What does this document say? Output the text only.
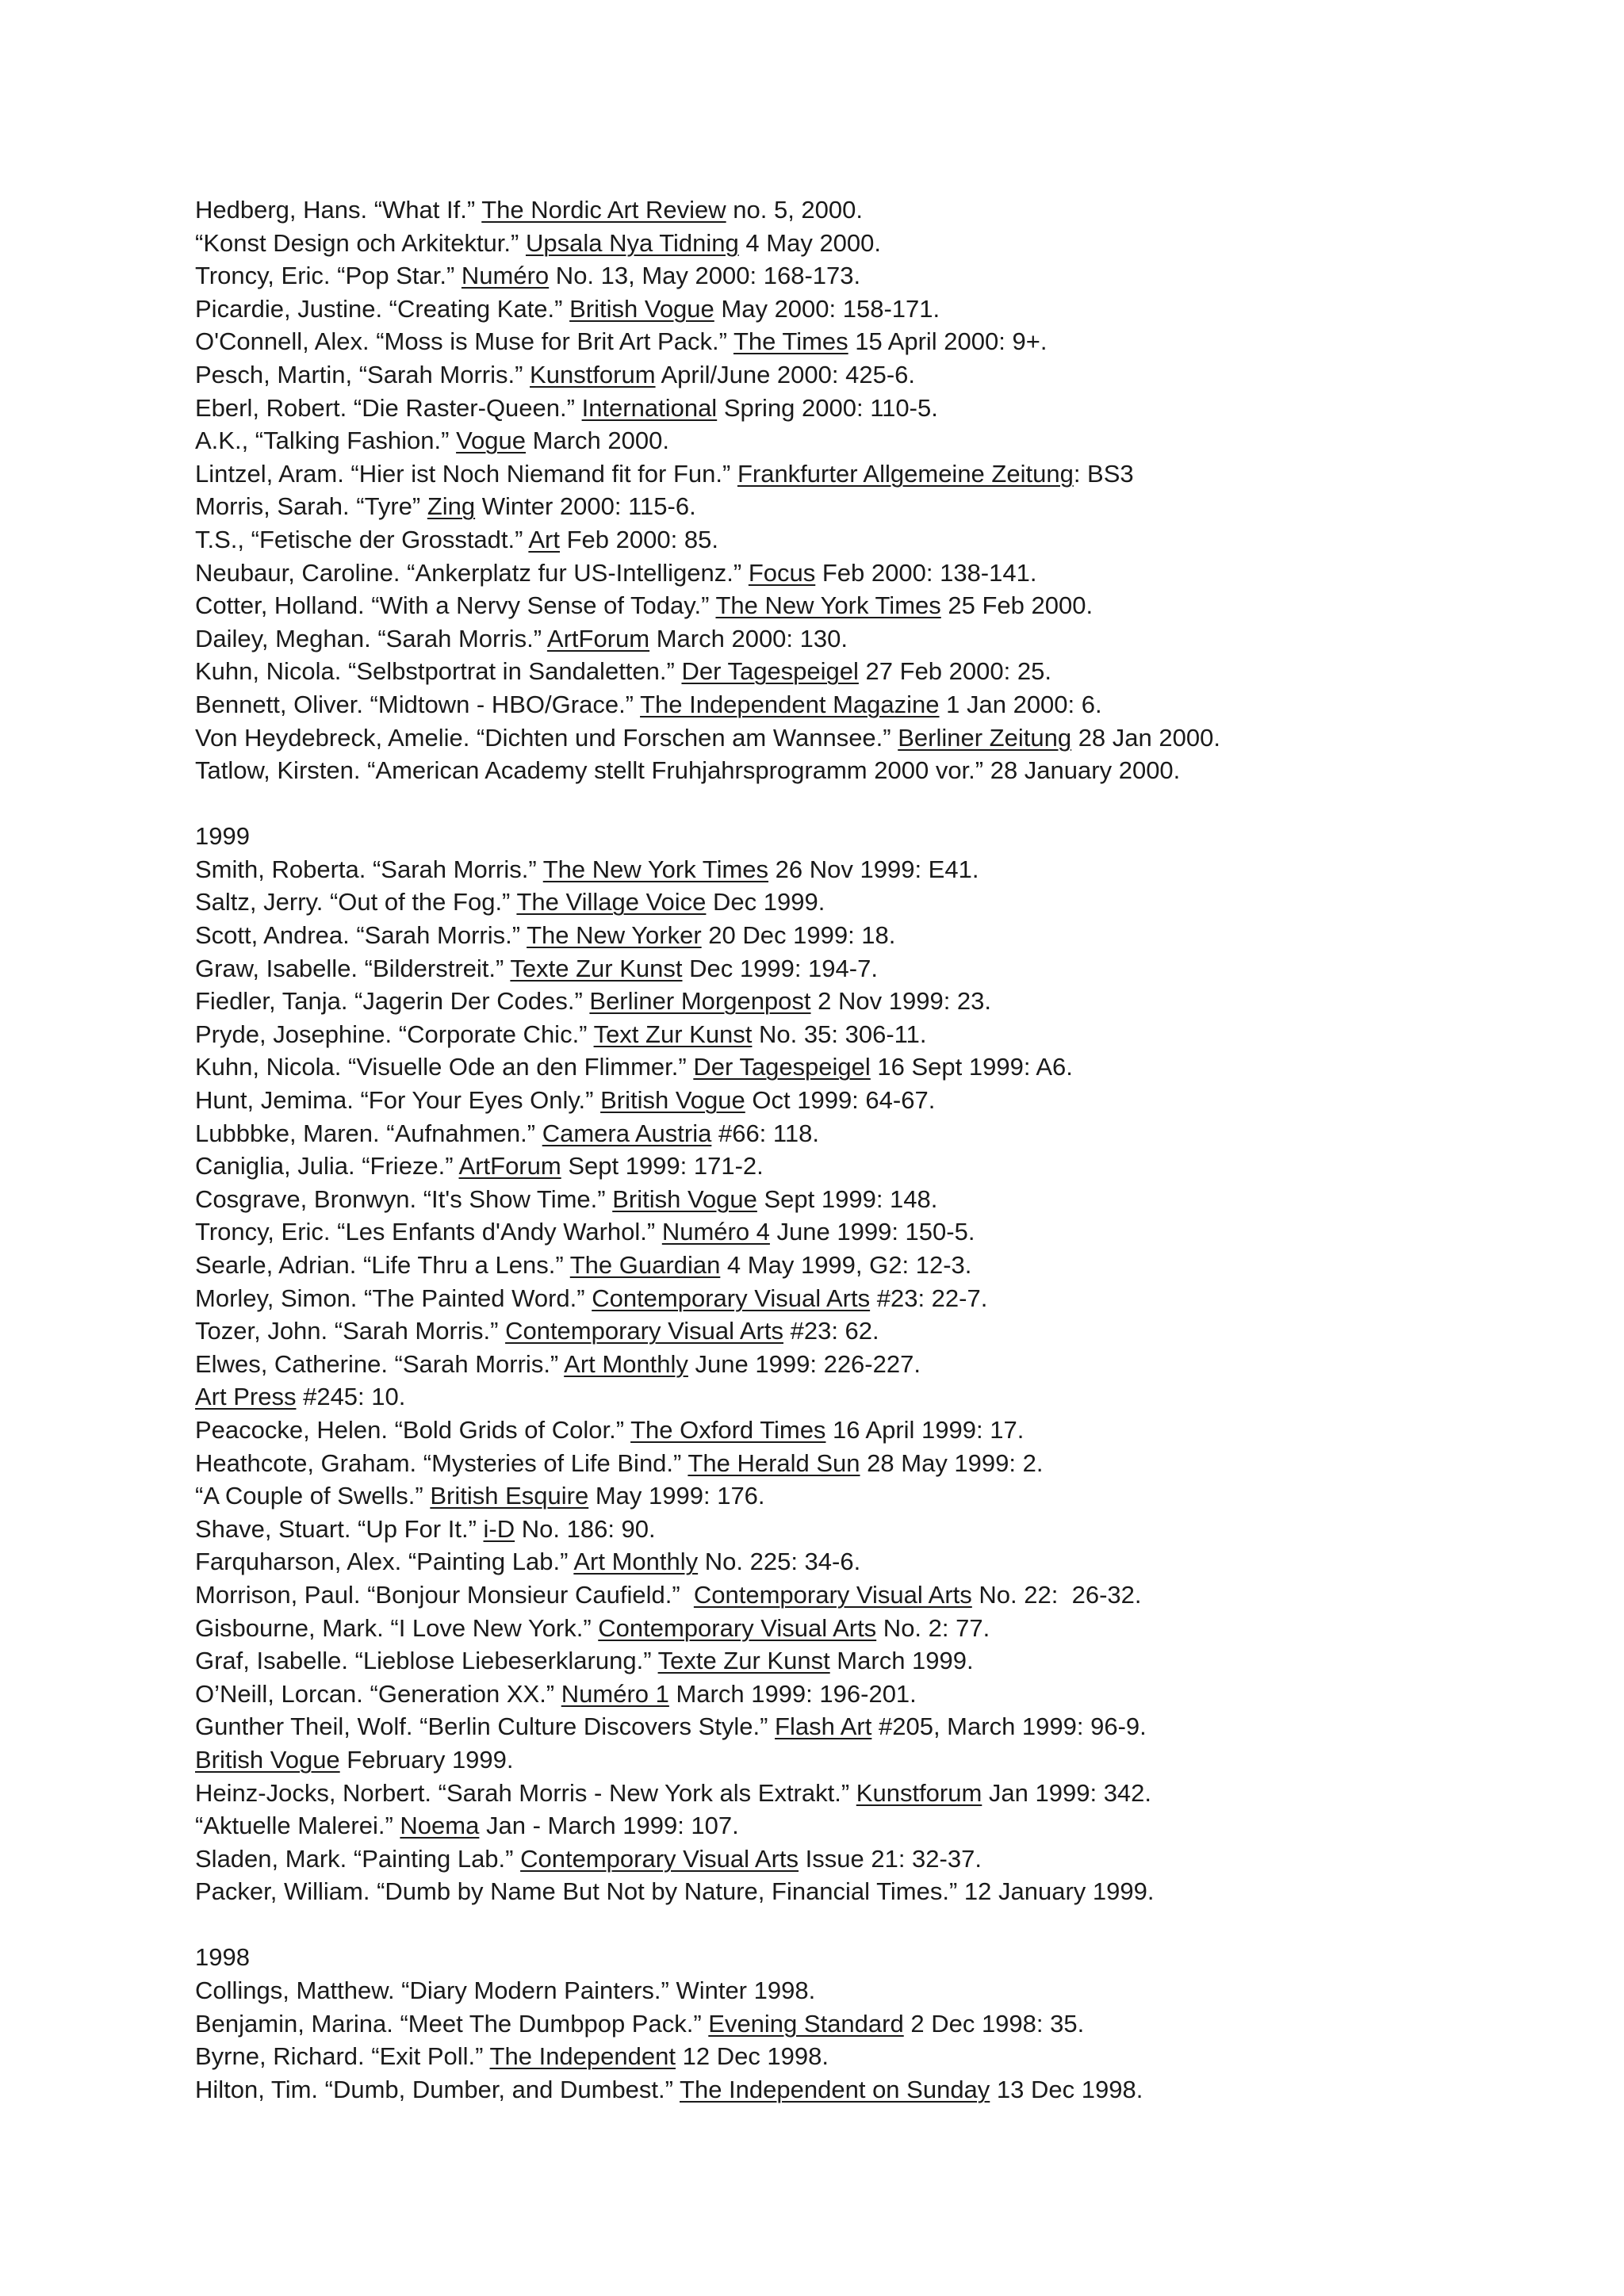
Hedberg, Hans. “What If.” The Nordic Art Review no. 5, 2000.
“Konst Design och Arkitektur.” Upsala Nya Tidning 4 May 2000.
Troncy, Eric. “Pop Star.” Numéro No. 13, May 2000: 168-173.
Picardie, Justine. “Creating Kate.” British Vogue May 2000: 158-171.
O'Connell, Alex. “Moss is Muse for Brit Art Pack.” The Times 15 April 2000: 9+.
Pesch, Martin, “Sarah Morris.” Kunstforum April/June 2000: 425-6.
Eberl, Robert. “Die Raster-Queen.” International Spring 2000: 110-5.
A.K., “Talking Fashion.” Vogue March 2000.
Lintzel, Aram. “Hier ist Noch Niemand fit for Fun.” Frankfurter Allgemeine Zeitung: BS3
Morris, Sarah. “Tyre” Zing Winter 2000: 115-6.
T.S., “Fetische der Grosstadt.” Art Feb 2000: 85.
Neubaur, Caroline. “Ankerplatz fur US-Intelligenz.” Focus Feb 2000: 138-141.
Cotter, Holland. “With a Nervy Sense of Today.” The New York Times 25 Feb 2000.
Dailey, Meghan. “Sarah Morris.” ArtForum March 2000: 130.
Kuhn, Nicola. “Selbstportrat in Sandaletten.” Der Tagespeigel 27 Feb 2000: 25.
Bennett, Oliver. “Midtown - HBO/Grace.” The Independent Magazine 1 Jan 2000: 6.
Von Heydebreck, Amelie. “Dichten und Forschen am Wannsee.” Berliner Zeitung 28 Jan 2000.
Tatlow, Kirsten. “American Academy stellt Fruhjahrsprogramm 2000 vor.” 28 January 2000.
1999
Smith, Roberta. “Sarah Morris.” The New York Times 26 Nov 1999: E41.
Saltz, Jerry. “Out of the Fog.” The Village Voice Dec 1999.
Scott, Andrea. “Sarah Morris.” The New Yorker 20 Dec 1999: 18.
Graw, Isabelle. “Bilderstreit.” Texte Zur Kunst Dec 1999: 194-7.
Fiedler, Tanja. “Jagerin Der Codes.” Berliner Morgenpost 2 Nov 1999: 23.
Pryde, Josephine. “Corporate Chic.” Text Zur Kunst No. 35: 306-11.
Kuhn, Nicola. “Visuelle Ode an den Flimmer.” Der Tagespeigel 16 Sept 1999: A6.
Hunt, Jemima. “For Your Eyes Only.” British Vogue Oct 1999: 64-67.
Lubbbke, Maren. “Aufnahmen.” Camera Austria #66: 118.
Caniglia, Julia. “Frieze.” ArtForum Sept 1999: 171-2.
Cosgrave, Bronwyn. “It's Show Time.” British Vogue Sept 1999: 148.
Troncy, Eric. “Les Enfants d'Andy Warhol.” Numéro 4 June 1999: 150-5.
Searle, Adrian. “Life Thru a Lens.” The Guardian 4 May 1999, G2: 12-3.
Morley, Simon. “The Painted Word.” Contemporary Visual Arts #23: 22-7.
Tozer, John. “Sarah Morris.” Contemporary Visual Arts #23: 62.
Elwes, Catherine. “Sarah Morris.” Art Monthly June 1999: 226-227.
Art Press #245: 10.
Peacocke, Helen. “Bold Grids of Color.” The Oxford Times 16 April 1999: 17.
Heathcote, Graham. “Mysteries of Life Bind.” The Herald Sun 28 May 1999: 2.
“A Couple of Swells.” British Esquire May 1999: 176.
Shave, Stuart. “Up For It.” i-D No. 186: 90.
Farquharson, Alex. “Painting Lab.” Art Monthly No. 225: 34-6.
Morrison, Paul. “Bonjour Monsieur Caufield.”  Contemporary Visual Arts No. 22:  26-32.
Gisbourne, Mark. “I Love New York.” Contemporary Visual Arts No. 2: 77.
Graf, Isabelle. “Lieblose Liebeserklarung.” Texte Zur Kunst March 1999.
O’Neill, Lorcan. “Generation XX.” Numéro 1 March 1999: 196-201.
Gunther Theil, Wolf. “Berlin Culture Discovers Style.” Flash Art #205, March 1999: 96-9.
British Vogue February 1999.
Heinz-Jocks, Norbert. “Sarah Morris - New York als Extrakt.” Kunstforum Jan 1999: 342.
“Aktuelle Malerei.” Noema Jan - March 1999: 107.
Sladen, Mark. “Painting Lab.” Contemporary Visual Arts Issue 21: 32-37.
Packer, William. “Dumb by Name But Not by Nature, Financial Times.” 12 January 1999.
1998
Collings, Matthew. “Diary Modern Painters.” Winter 1998.
Benjamin, Marina. “Meet The Dumbpop Pack.” Evening Standard 2 Dec 1998: 35.
Byrne, Richard. “Exit Poll.” The Independent 12 Dec 1998.
Hilton, Tim. “Dumb, Dumber, and Dumbest.” The Independent on Sunday 13 Dec 1998.
